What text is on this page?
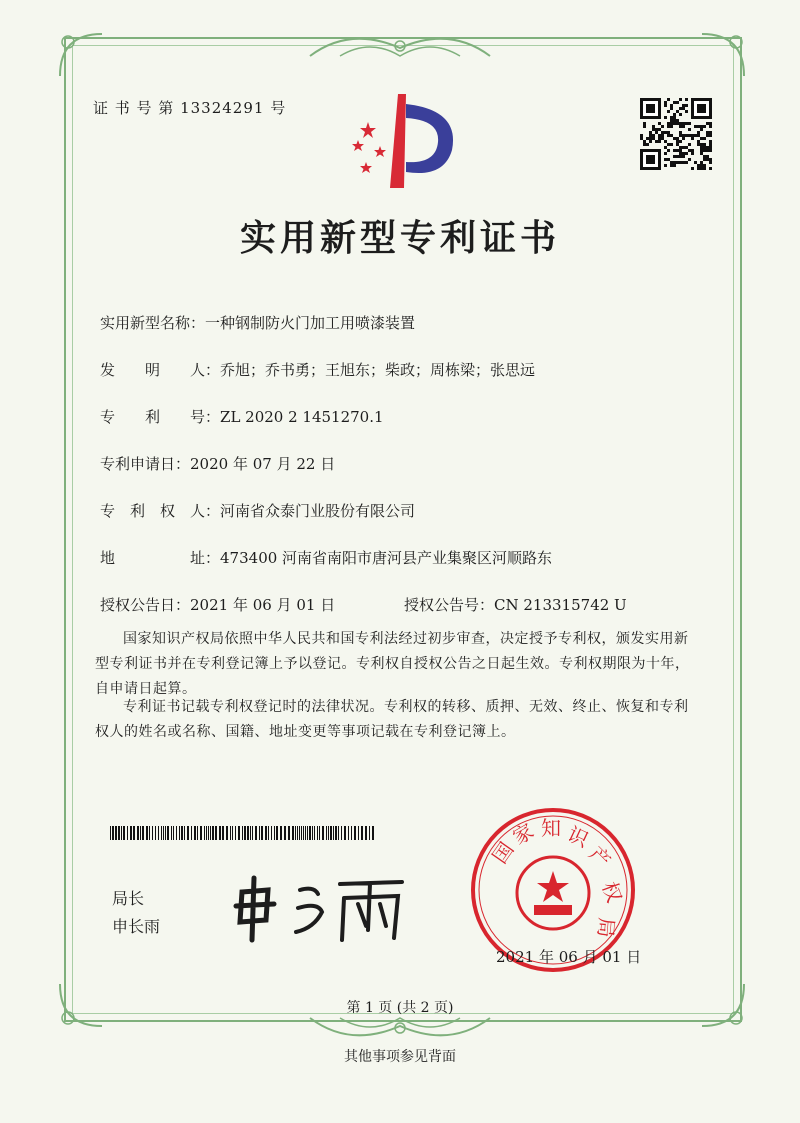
证 书 号 第 13324291 号
实用新型专利证书
实用新型名称：一种钢制防火门加工用喷漆装置
发　　明　　人：乔旭；乔书勇；王旭东；柴政；周栋梁；张思远
专　　利　　号：ZL 2020 2 1451270.1
专利申请日：2020 年 07 月 22 日
专　利　权　人：河南省众泰门业股份有限公司
地　　　　　址：473400 河南省南阳市唐河县产业集聚区河顺路东
授权公告日：2021 年 06 月 01 日	授权公告号：CN 213315742 U
国家知识产权局依照中华人民共和国专利法经过初步审查，决定授予专利权，颁发实用新型专利证书并在专利登记簿上予以登记。专利权自授权公告之日起生效。专利权期限为十年，自申请日起算。
专利证书记载专利权登记时的法律状况。专利权的转移、质押、无效、终止、恢复和专利权人的姓名或名称、国籍、地址变更等事项记载在专利登记簿上。
局长
申长雨
国
家 知 识
产
权
局
2021 年 06 月 01 日
第 1 页 (共 2 页)
其他事项参见背面
